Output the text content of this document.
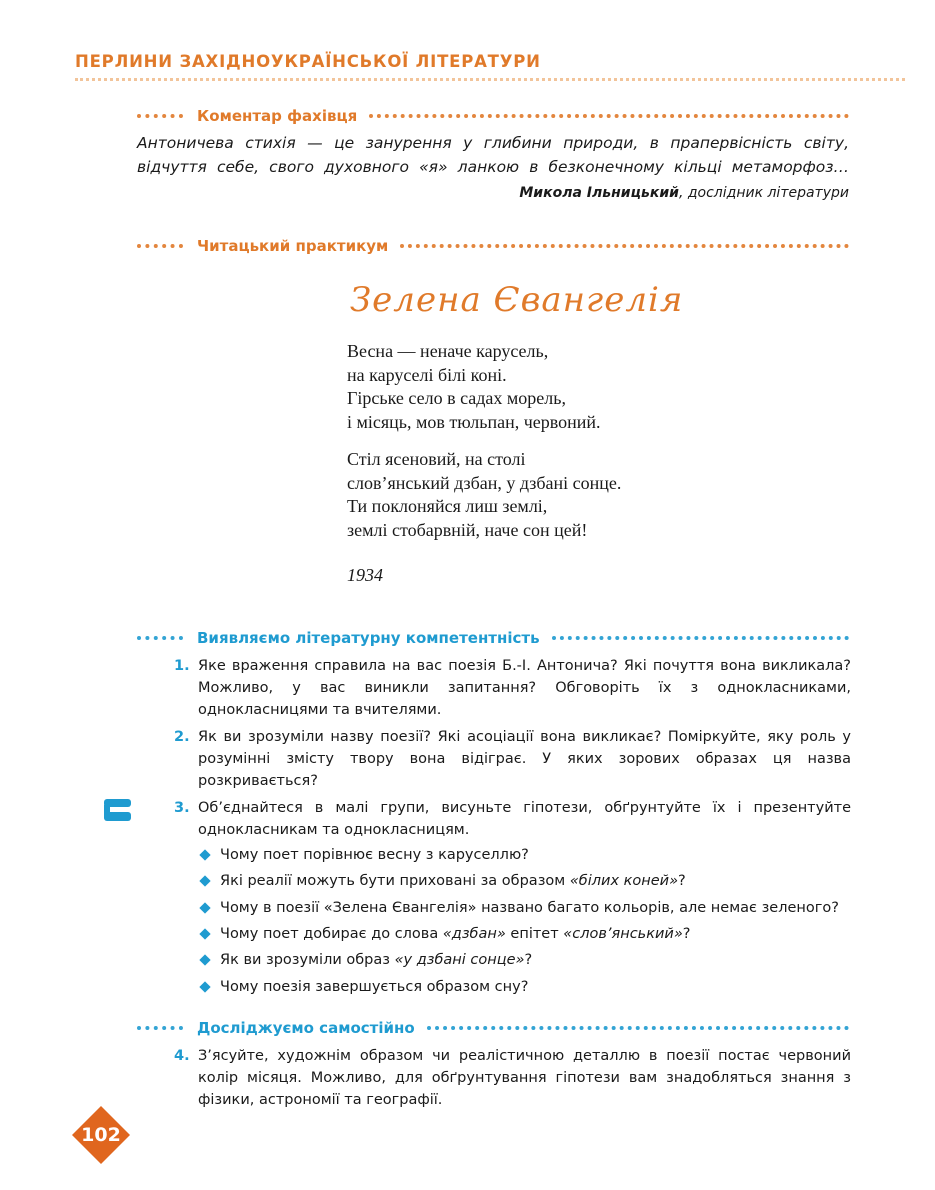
ПЕРЛИНИ ЗАХІДНОУКРАЇНСЬКОЇ ЛІТЕРАТУРИ
Коментар фахівця
Антоничева стихія — це занурення у глибини природи, в прапервісність світу, відчуття себе, свого духовного «я» ланкою в безконечному кільці метаморфоз…
Микола Ільницький, дослідник літератури
Читацький практикум
Зелена Євангелія
Весна — неначе карусель,
на каруселі білі коні.
Гірське село в садах морель,
і місяць, мов тюльпан, червоний.
Стіл ясеновий, на столі
слов’янський дзбан, у дзбані сонце.
Ти поклоняйся лиш землі,
землі стобарвній, наче сон цей!
1934
Виявляємо літературну компетентність
1. Яке враження справила на вас поезія Б.-І. Антонича? Які почуття вона викликала? Можливо, у вас виникли запитання? Обговоріть їх з однокласниками, однокласницями та вчителями.
2. Як ви зрозуміли назву поезії? Які асоціації вона викликає? Поміркуйте, яку роль у розумінні змісту твору вона відіграє. У яких зорових образах ця назва розкривається?
3. Об’єднайтеся в малі групи, висуньте гіпотези, обґрунтуйте їх і презентуйте однокласникам та однокласницям.
Чому поет порівнює весну з каруселлю?
Які реалії можуть бути приховані за образом «білих коней» ?
Чому в поезії «Зелена Євангелія» названо багато кольорів, але немає зеленого?
Чому поет добирає до слова «дзбан» епітет «слов’янський» ?
Як ви зрозуміли образ «у дзбані сонце» ?
Чому поезія завершується образом сну?
Досліджуємо самостійно
4. З’ясуйте, художнім образом чи реалістичною деталлю в поезії постає червоний колір місяця. Можливо, для обґрунтування гіпотези вам знадобляться знання з фізики, астрономії та географії.
102
